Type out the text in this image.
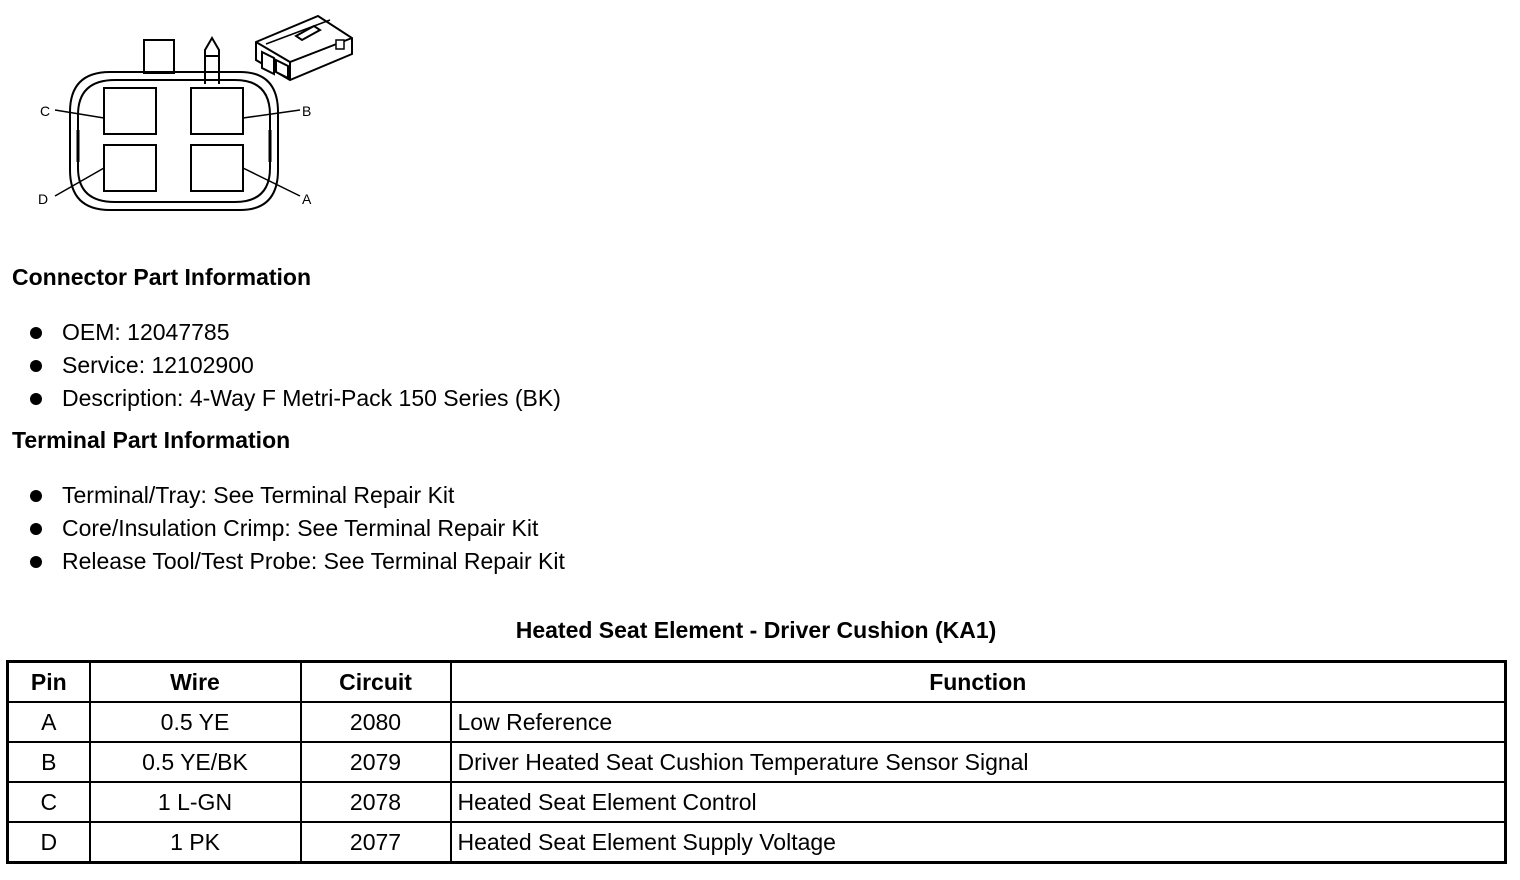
C	B
D	A
Connector Part Information
OEM: 12047785
Service: 12102900
Description: 4-Way F Metri-Pack 150 Series (BK)
Terminal Part Information
Terminal/Tray: See Terminal Repair Kit
Core/Insulation Crimp: See Terminal Repair Kit
Release Tool/Test Probe: See Terminal Repair Kit
Heated Seat Element - Driver Cushion (KA1)
Pin	Wire	Circuit	Function
A	0.5 YE	2080	Low Reference
B	0.5 YE/BK	2079	Driver Heated Seat Cushion Temperature Sensor Signal
C	1 L-GN	2078	Heated Seat Element Control
D	1 PK	2077	Heated Seat Element Supply Voltage
